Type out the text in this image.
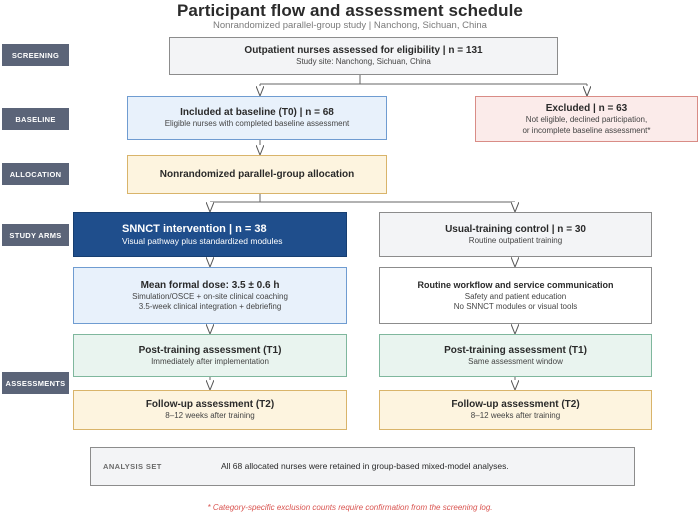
Participant flow and assessment schedule
Nonrandomized parallel-group study | Nanchong, Sichuan, China
SCREENING
BASELINE
ALLOCATION
STUDY ARMS
ASSESSMENTS
Outpatient nurses assessed for eligibility | n = 131
Study site: Nanchong, Sichuan, China
Included at baseline (T0) | n = 68
Eligible nurses with completed baseline assessment
Excluded | n = 63
Not eligible, declined participation,
or incomplete baseline assessment*
Nonrandomized parallel-group allocation
SNNCT intervention | n = 38
Visual pathway plus standardized modules
Mean formal dose: 3.5 ± 0.6 h
Simulation/OSCE + on-site clinical coaching
3.5-week clinical integration + debriefing
Post-training assessment (T1)
Immediately after implementation
Follow-up assessment (T2)
8–12 weeks after training
Usual-training control | n = 30
Routine outpatient training
Routine workflow and service communication
Safety and patient education
No SNNCT modules or visual tools
Post-training assessment (T1)
Same assessment window
Follow-up assessment (T2)
8–12 weeks after training
ANALYSIS SET	All 68 allocated nurses were retained in group-based mixed-model analyses.
* Category-specific exclusion counts require confirmation from the screening log.
